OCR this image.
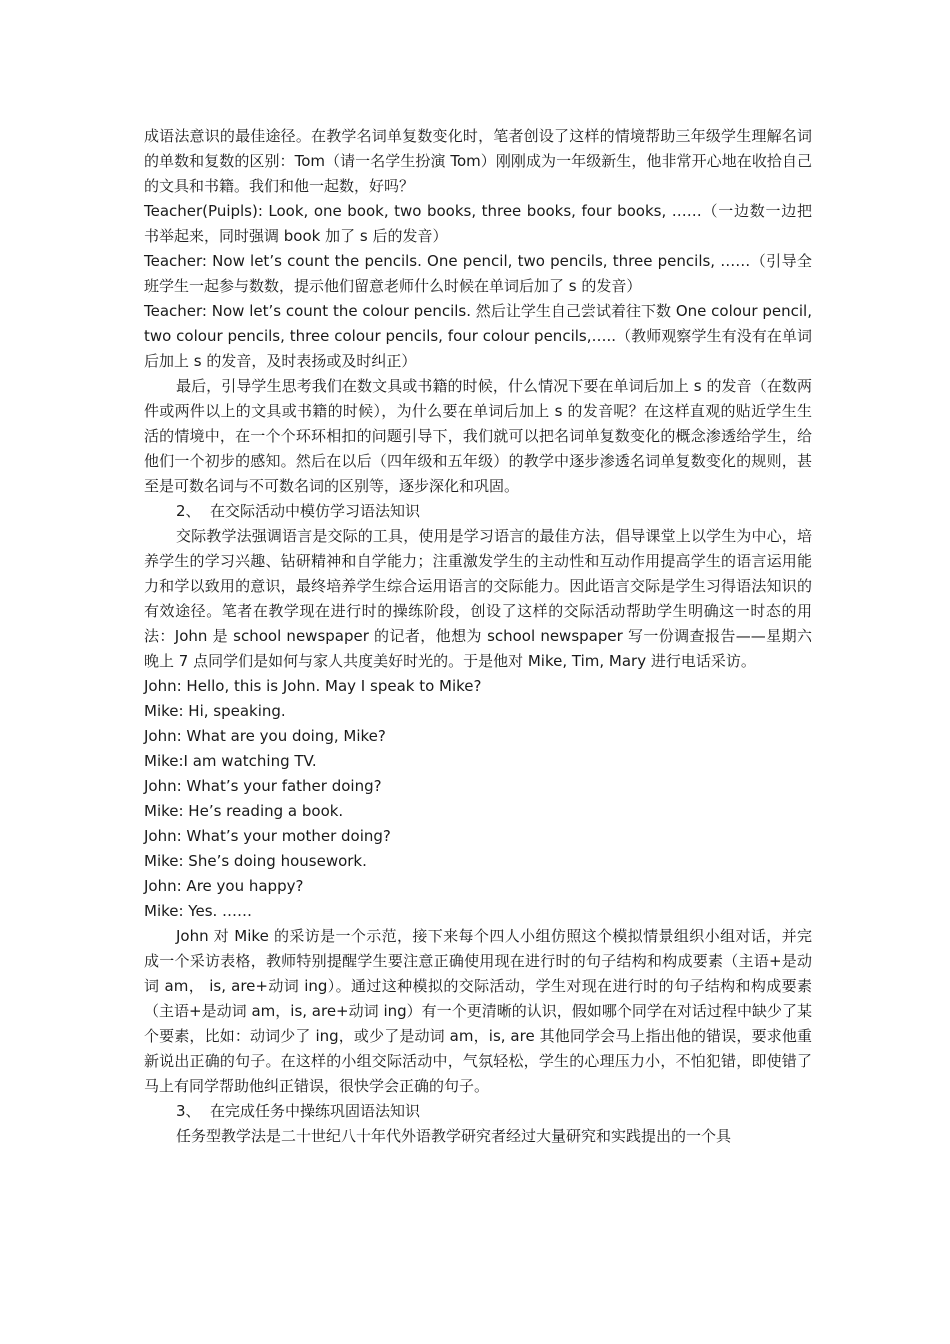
成语法意识的最佳途径。在教学名词单复数变化时，笔者创设了这样的情境帮助三年级学生理解名词的单数和复数的区别：Tom（请一名学生扮演 Tom）刚刚成为一年级新生，他非常开心地在收拾自己的文具和书籍。我们和他一起数，好吗？

Teacher(Puipls): Look, one book, two books, three books, four books, ……（一边数一边把书举起来，同时强调 book 加了 s 后的发音）

Teacher: Now let’s count the pencils. One pencil, two pencils, three pencils, ……（引导全班学生一起参与数数，提示他们留意老师什么时候在单词后加了 s 的发音）

Teacher: Now let’s count the colour pencils. 然后让学生自己尝试着往下数 One colour pencil, two colour pencils, three colour pencils, four colour pencils,…..（教师观察学生有没有在单词后加上 s 的发音，及时表扬或及时纠正）

最后，引导学生思考我们在数文具或书籍的时候，什么情况下要在单词后加上 s 的发音（在数两件或两件以上的文具或书籍的时候），为什么要在单词后加上 s 的发音呢？在这样直观的贴近学生生活的情境中，在一个个环环相扣的问题引导下，我们就可以把名词单复数变化的概念渗透给学生，给他们一个初步的感知。然后在以后（四年级和五年级）的教学中逐步渗透名词单复数变化的规则，甚至是可数名词与不可数名词的区别等，逐步深化和巩固。

2、 在交际活动中模仿学习语法知识

交际教学法强调语言是交际的工具，使用是学习语言的最佳方法，倡导课堂上以学生为中心，培养学生的学习兴趣、钻研精神和自学能力；注重激发学生的主动性和互动作用提高学生的语言运用能力和学以致用的意识，最终培养学生综合运用语言的交际能力。因此语言交际是学生习得语法知识的有效途径。笔者在教学现在进行时的操练阶段，创设了这样的交际活动帮助学生明确这一时态的用法：John 是 school newspaper 的记者，他想为 school newspaper 写一份调查报告——星期六晚上 7 点同学们是如何与家人共度美好时光的。于是他对 Mike, Tim, Mary 进行电话采访。

John: Hello, this is John. May I speak to Mike?

Mike: Hi, speaking.

John: What are you doing, Mike?

Mike:I am watching TV.

John: What’s your father doing?

Mike: He’s reading a book.

John: What’s your mother doing?

Mike: She’s doing housework.

John: Are you happy?

Mike: Yes. ……

John 对 Mike 的采访是一个示范，接下来每个四人小组仿照这个模拟情景组织小组对话，并完成一个采访表格，教师特别提醒学生要注意正确使用现在进行时的句子结构和构成要素（主语+是动词 am， is, are+动词 ing）。通过这种模拟的交际活动，学生对现在进行时的句子结构和构成要素（主语+是动词 am，is, are+动词 ing）有一个更清晰的认识，假如哪个同学在对话过程中缺少了某个要素，比如：动词少了 ing，或少了是动词 am，is, are 其他同学会马上指出他的错误，要求他重新说出正确的句子。在这样的小组交际活动中，气氛轻松，学生的心理压力小，不怕犯错，即使错了马上有同学帮助他纠正错误，很快学会正确的句子。

3、 在完成任务中操练巩固语法知识

任务型教学法是二十世纪八十年代外语教学研究者经过大量研究和实践提出的一个具
